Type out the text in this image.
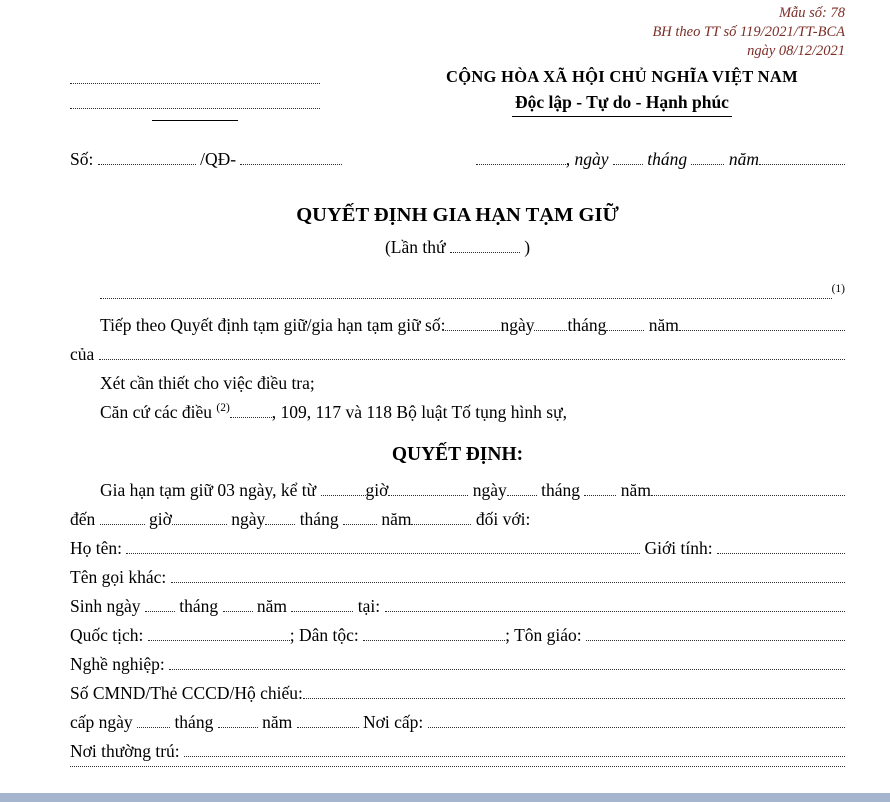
Mẫu số: 78
BH theo TT số 119/2021/TT-BCA
ngày 08/12/2021
CỘNG HÒA XÃ HỘI CHỦ NGHĨA VIỆT NAM
Độc lập - Tự do - Hạnh phúc
Số:	/QĐ-	, ngày tháng năm
QUYẾT ĐỊNH GIA HẠN TẠM GIỮ
(Lần thứ	)
(1)
Tiếp theo Quyết định tạm giữ/gia hạn tạm giữ số:	ngày tháng năm
của
Xét cần thiết cho việc điều tra;
Căn cứ các điều (2) , 109, 117 và 118 Bộ luật Tố tụng hình sự,
QUYẾT ĐỊNH:
Gia hạn tạm giữ 03 ngày, kể từ	giờ	ngày tháng năm
đến	giờ	ngày tháng năm	đối với:
Họ tên:	Giới tính:
Tên gọi khác:
Sinh ngày tháng năm	tại:
Quốc tịch:	; Dân tộc:	; Tôn giáo:
Nghề nghiệp:
Số CMND/Thẻ CCCD/Hộ chiếu:
cấp ngày tháng năm	Nơi cấp:
Nơi thường trú:
